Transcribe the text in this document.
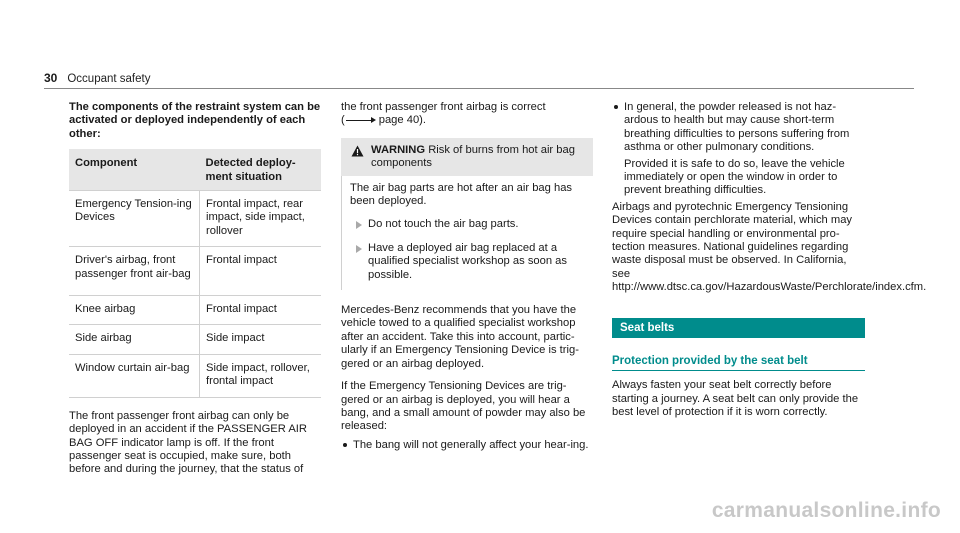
30 Occupant safety

The components of the restraint system can be activated or deployed independently of each other:

Component	Detected deploy-ment situation
Emergency Tension-ing Devices	Frontal impact, rear impact, side impact, rollover
Driver's airbag, front passenger front air-bag	Frontal impact
Knee airbag	Frontal impact
Side airbag	Side impact
Window curtain air-bag	Side impact, rollover, frontal impact

The front passenger front airbag can only be deployed in an accident if the PASSENGER AIR BAG OFF indicator lamp is off. If the front passenger seat is occupied, make sure, both before and during the journey, that the status of

the front passenger front airbag is correct
(	page 40).

WARNING Risk of burns from hot air bag components

The air bag parts are hot after an air bag has been deployed.

Do not touch the air bag parts.
Have a deployed air bag replaced at a qualified specialist workshop as soon as possible.

Mercedes-Benz recommends that you have the vehicle towed to a qualified specialist workshop after an accident. Take this into account, partic-ularly if an Emergency Tensioning Device is trig-gered or an airbag deployed.

If the Emergency Tensioning Devices are trig-gered or an airbag is deployed, you will hear a bang, and a small amount of powder may also be released:

The bang will not generally affect your hear-ing.
In general, the powder released is not haz-ardous to health but may cause short-term breathing difficulties to persons suffering from asthma or other pulmonary conditions.

Provided it is safe to do so, leave the vehicle immediately or open the window in order to prevent breathing difficulties.

Airbags and pyrotechnic Emergency Tensioning Devices contain perchlorate material, which may require special handling or environmental pro-tection measures. National guidelines regarding waste disposal must be observed. In California, see http://www.dtsc.ca.gov/HazardousWaste/Perchlorate/index.cfm.

Seat belts
Protection provided by the seat belt

Always fasten your seat belt correctly before starting a journey. A seat belt can only provide the best level of protection if it is worn correctly.

carmanualsonline.info
